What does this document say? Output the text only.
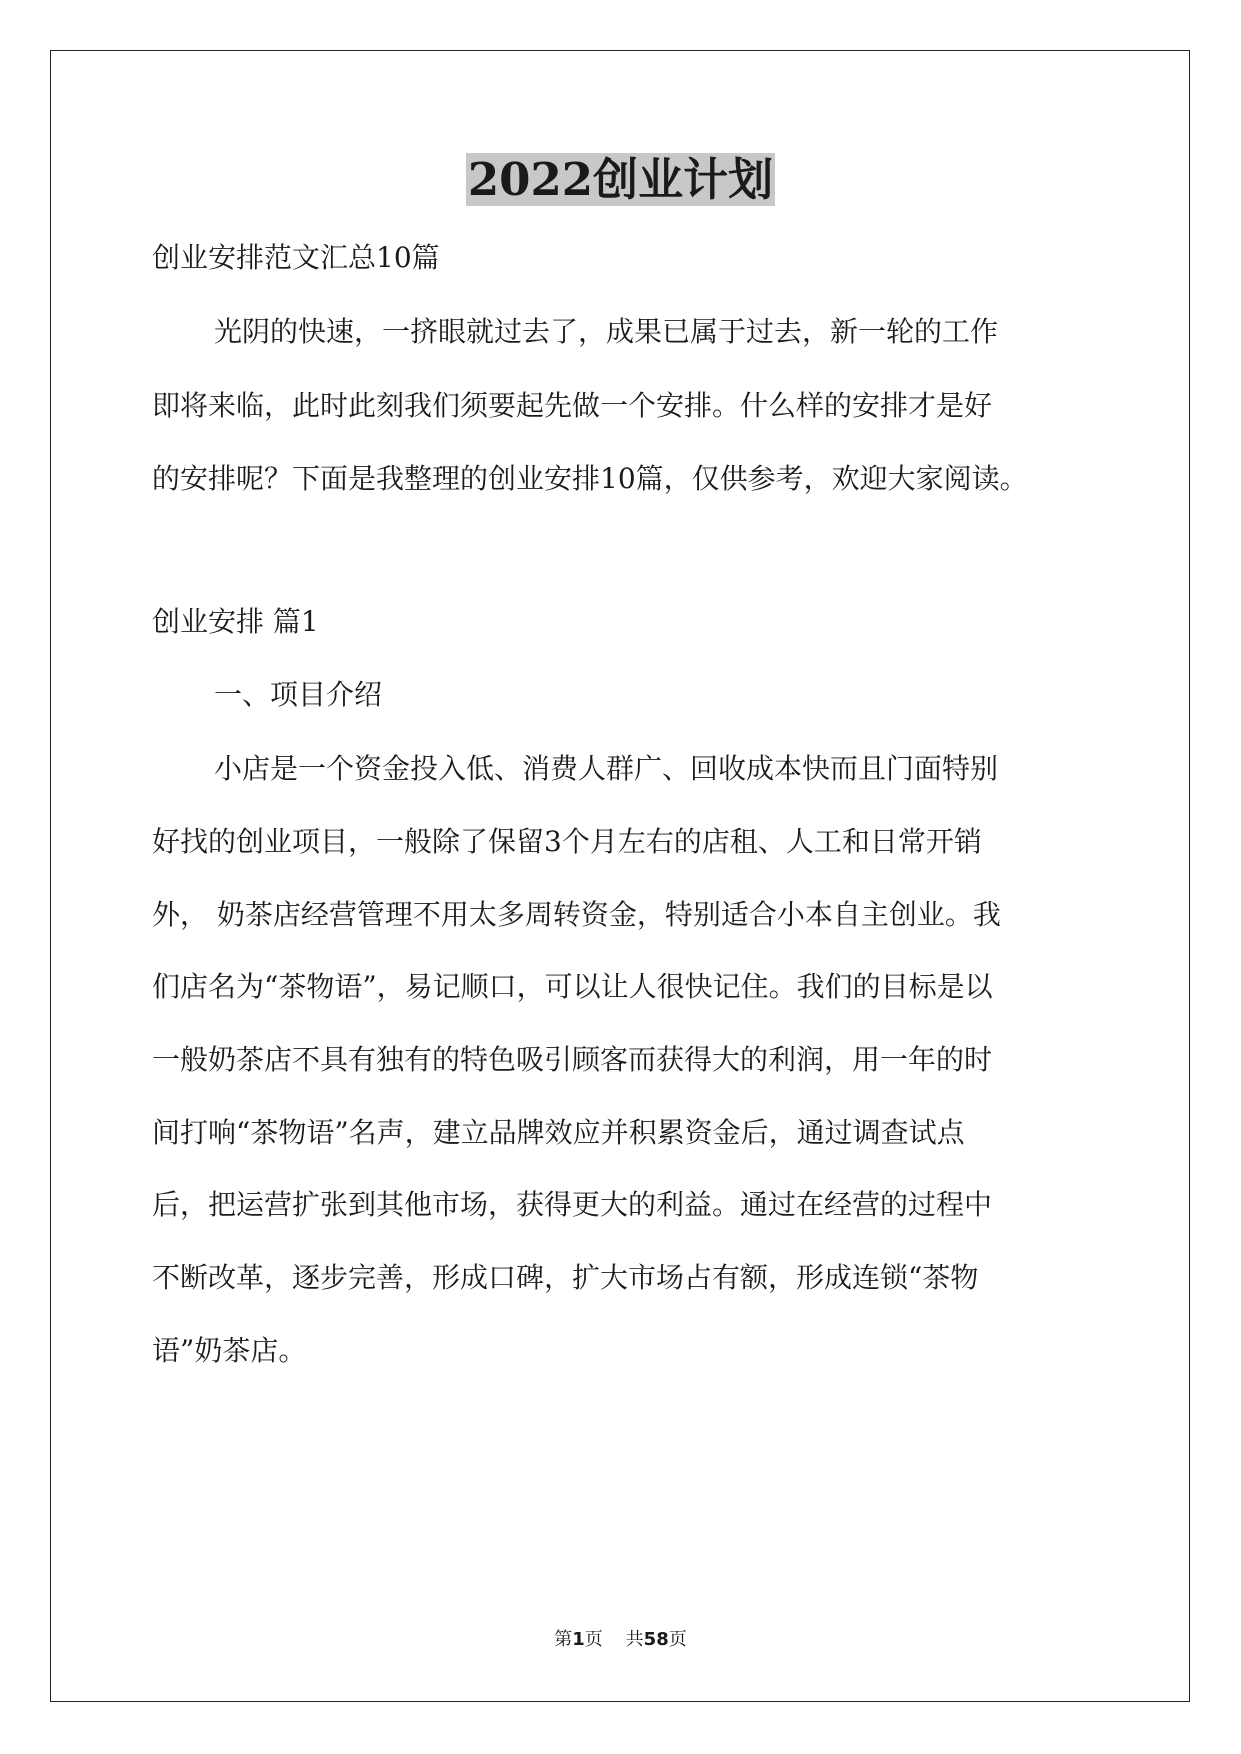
2022创业计划
创业安排范文汇总10篇
光阴的快速，一挤眼就过去了，成果已属于过去，新一轮的工作
即将来临，此时此刻我们须要起先做一个安排。什么样的安排才是好
的安排呢？下面是我整理的创业安排10篇，仅供参考，欢迎大家阅读。
创业安排 篇1
一、项目介绍
小店是一个资金投入低、消费人群广、回收成本快而且门面特别
好找的创业项目，一般除了保留3个月左右的店租、人工和日常开销
外， 奶茶店经营管理不用太多周转资金，特别适合小本自主创业。我
们店名为“茶物语”，易记顺口，可以让人很快记住。我们的目标是以
一般奶茶店不具有独有的特色吸引顾客而获得大的利润，用一年的时
间打响“茶物语”名声，建立品牌效应并积累资金后，通过调查试点
后，把运营扩张到其他市场，获得更大的利益。通过在经营的过程中
不断改革，逐步完善，形成口碑，扩大市场占有额，形成连锁“茶物
语”奶茶店。
第1页 共58页
